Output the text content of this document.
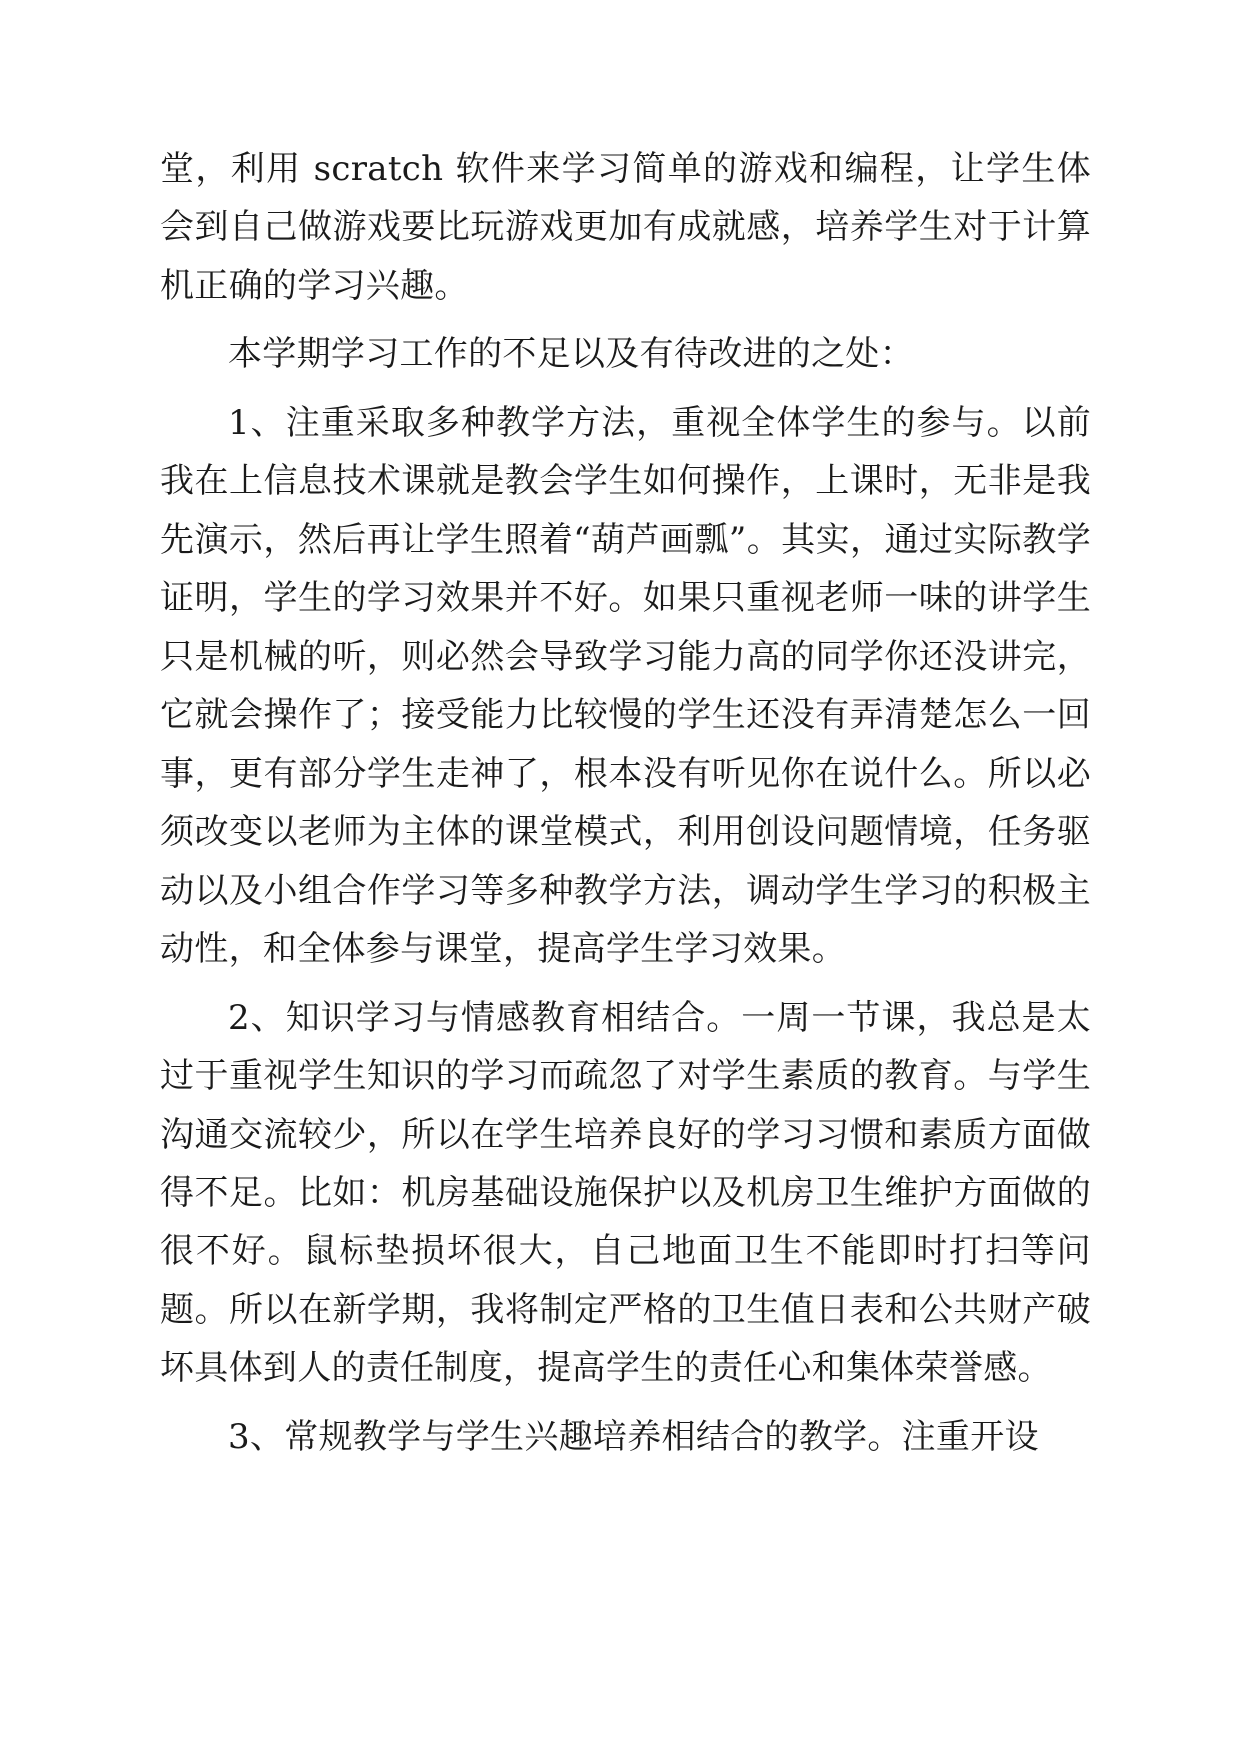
堂，利用 scratch 软件来学习简单的游戏和编程，让学生体会到自己做游戏要比玩游戏更加有成就感，培养学生对于计算机正确的学习兴趣。

本学期学习工作的不足以及有待改进的之处：

1、注重采取多种教学方法，重视全体学生的参与。以前我在上信息技术课就是教会学生如何操作，上课时，无非是我先演示，然后再让学生照着“葫芦画瓢”。其实，通过实际教学证明，学生的学习效果并不好。如果只重视老师一味的讲学生只是机械的听，则必然会导致学习能力高的同学你还没讲完，它就会操作了；接受能力比较慢的学生还没有弄清楚怎么一回事，更有部分学生走神了，根本没有听见你在说什么。所以必须改变以老师为主体的课堂模式，利用创设问题情境，任务驱动以及小组合作学习等多种教学方法，调动学生学习的积极主动性，和全体参与课堂，提高学生学习效果。

2、知识学习与情感教育相结合。一周一节课，我总是太过于重视学生知识的学习而疏忽了对学生素质的教育。与学生沟通交流较少，所以在学生培养良好的学习习惯和素质方面做得不足。比如：机房基础设施保护以及机房卫生维护方面做的很不好。鼠标垫损坏很大，自己地面卫生不能即时打扫等问题。所以在新学期，我将制定严格的卫生值日表和公共财产破坏具体到人的责任制度，提高学生的责任心和集体荣誉感。

3、常规教学与学生兴趣培养相结合的教学。注重开设
